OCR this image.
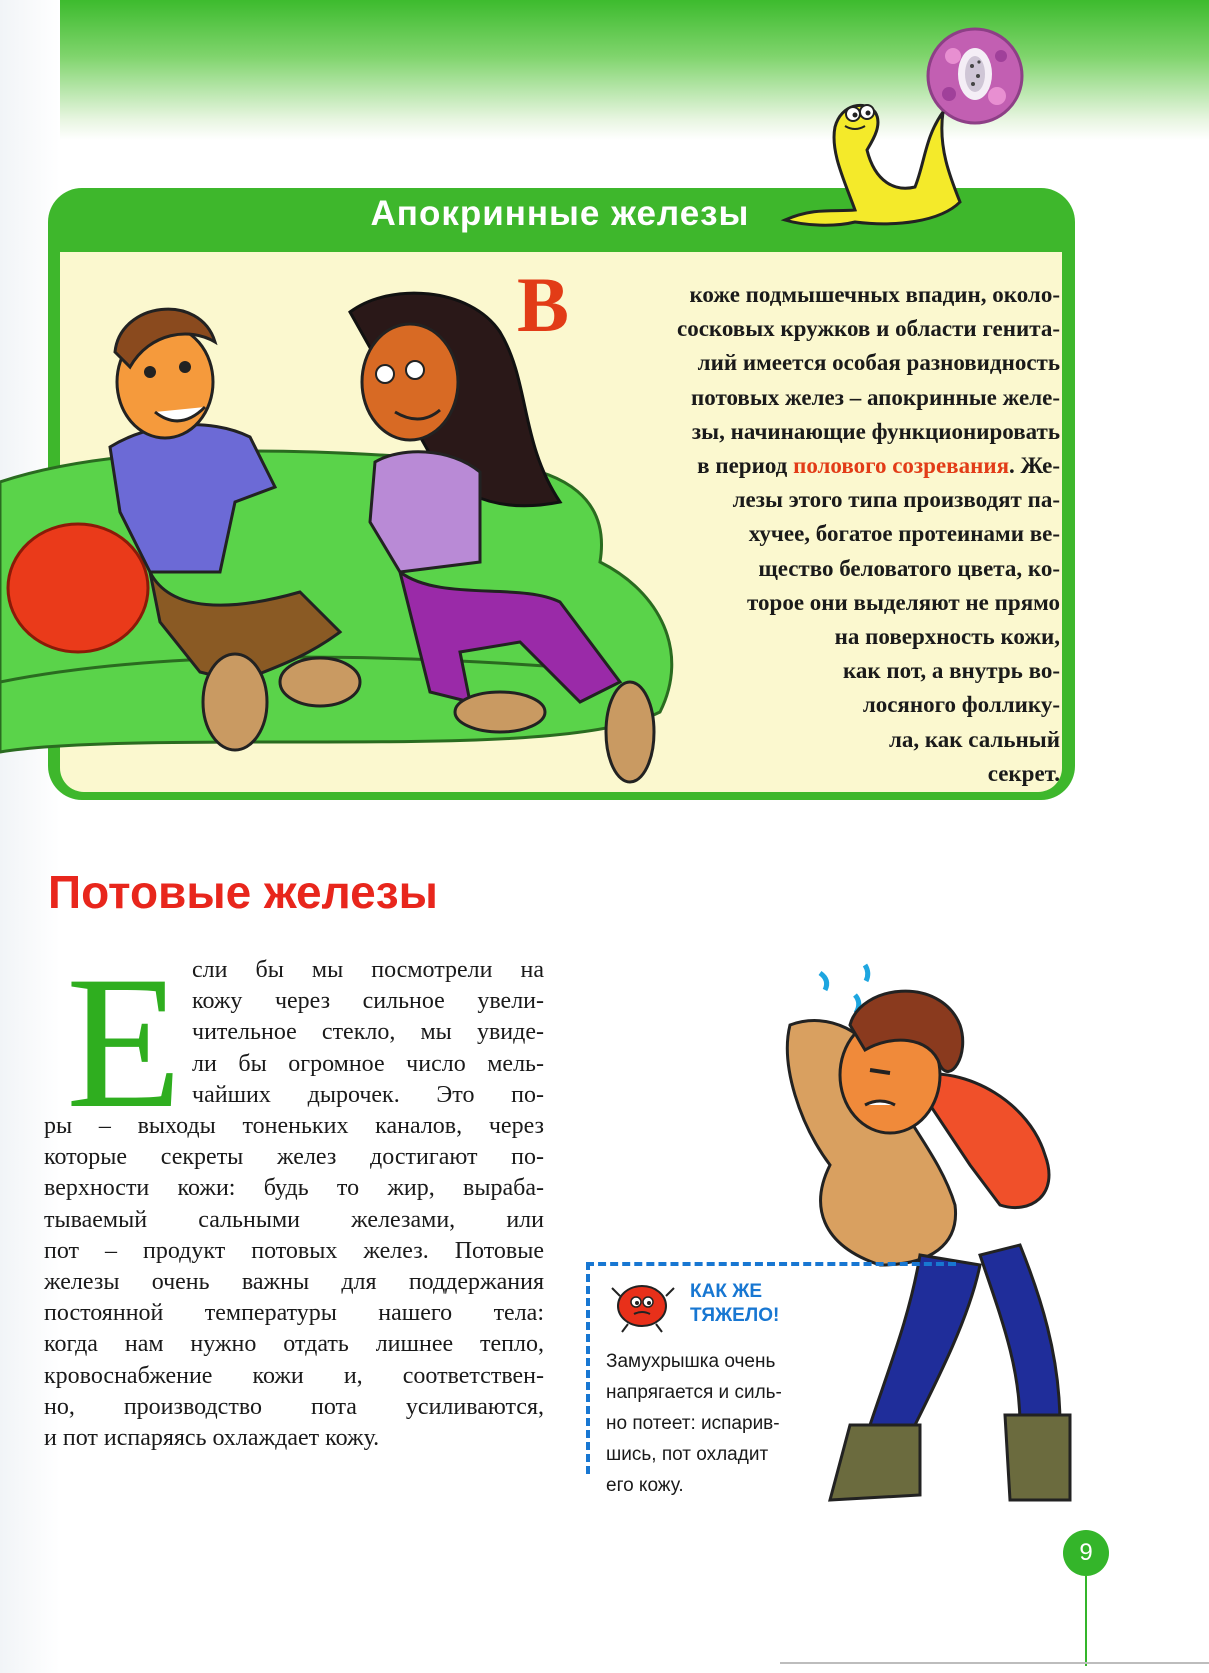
Апокринные железы
В	коже подмышечных впадин, около-
сосковых кружков и области генита-
лий имеется особая разновидность
потовых желез – апокринные желе-
зы, начинающие функционировать
в период полового созревания. Же-
лезы этого типа производят па-
хучее, богатое протеинами ве-
щество беловатого цвета, ко-
торое они выделяют не прямо
на поверхность кожи,
как пот, а внутрь во-
лосяного фоллику-
ла, как сальный
секрет.
Потовые железы
Е сли бы мы посмотрели на
кожу через сильное увели-
чительное стекло, мы увиде-
ли бы огромное число мель-
чайших дырочек. Это по-
ры – выходы тоненьких каналов, через
которые секреты желез достигают по-
верхности кожи: будь то жир, выраба-
тываемый сальными железами, или
пот – продукт потовых желез. Потовые
железы очень важны для поддержания
постоянной температуры нашего тела:
когда нам нужно отдать лишнее тепло,
кровоснабжение кожи и, соответствен-
но, производство пота усиливаются,
и пот испаряясь охлаждает кожу.
КАК ЖЕ
ТЯЖЕЛО!
Замухрышка очень
напрягается и силь-
но потеет: испарив-
шись, пот охладит
его кожу.
9
